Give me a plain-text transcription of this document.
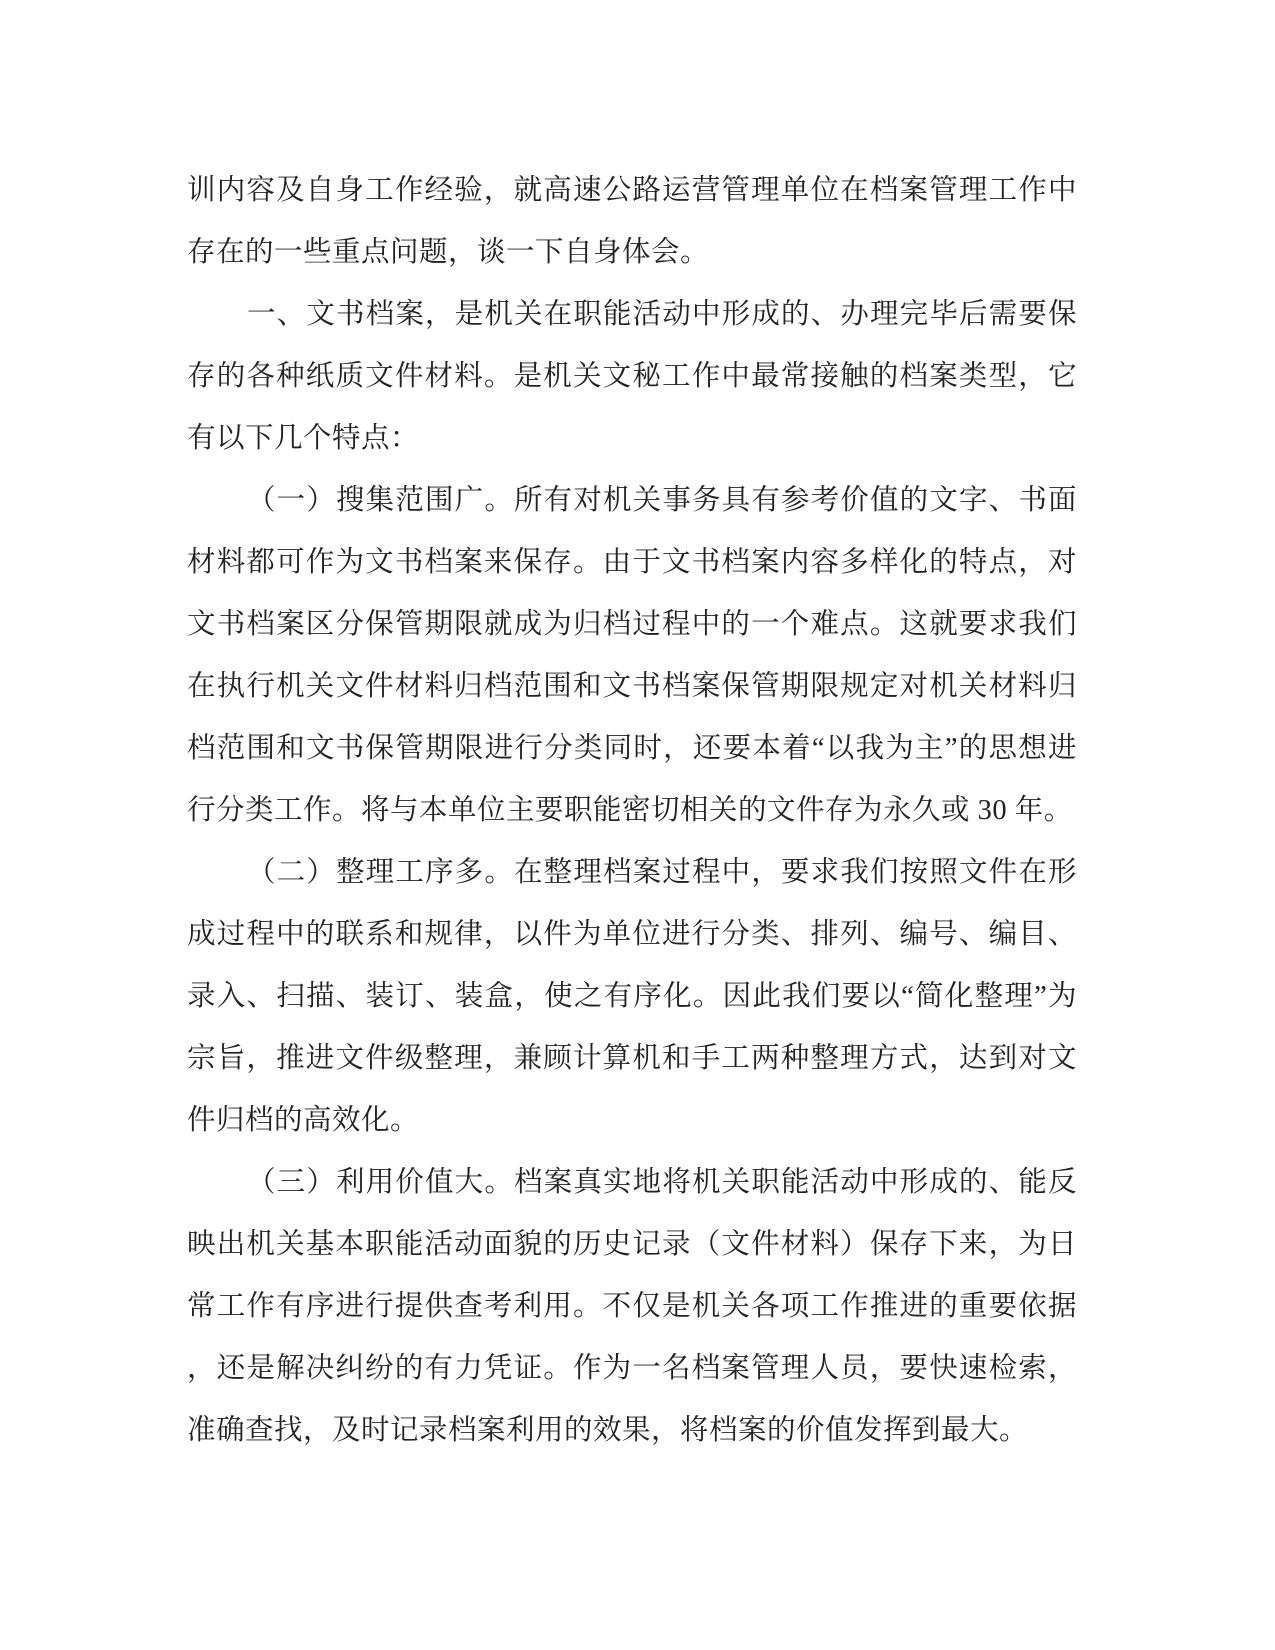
训内容及自身工作经验，就高速公路运营管理单位在档案管理工作中
存在的一些重点问题，谈一下自身体会。
一、文书档案，是机关在职能活动中形成的、办理完毕后需要保
存的各种纸质文件材料。是机关文秘工作中最常接触的档案类型，它
有以下几个特点：
（一）搜集范围广。所有对机关事务具有参考价值的文字、书面
材料都可作为文书档案来保存。由于文书档案内容多样化的特点，对
文书档案区分保管期限就成为归档过程中的一个难点。这就要求我们
在执行机关文件材料归档范围和文书档案保管期限规定对机关材料归
档范围和文书保管期限进行分类同时，还要本着“以我为主”的思想进
行分类工作。将与本单位主要职能密切相关的文件存为永久或 30 年。
（二）整理工序多。在整理档案过程中，要求我们按照文件在形
成过程中的联系和规律，以件为单位进行分类、排列、编号、编目、
录入、扫描、装订、装盒，使之有序化。因此我们要以“简化整理”为
宗旨，推进文件级整理，兼顾计算机和手工两种整理方式，达到对文
件归档的高效化。
（三）利用价值大。档案真实地将机关职能活动中形成的、能反
映出机关基本职能活动面貌的历史记录（文件材料）保存下来，为日
常工作有序进行提供查考利用。不仅是机关各项工作推进的重要依据
，还是解决纠纷的有力凭证。作为一名档案管理人员，要快速检索，
准确查找，及时记录档案利用的效果，将档案的价值发挥到最大。
